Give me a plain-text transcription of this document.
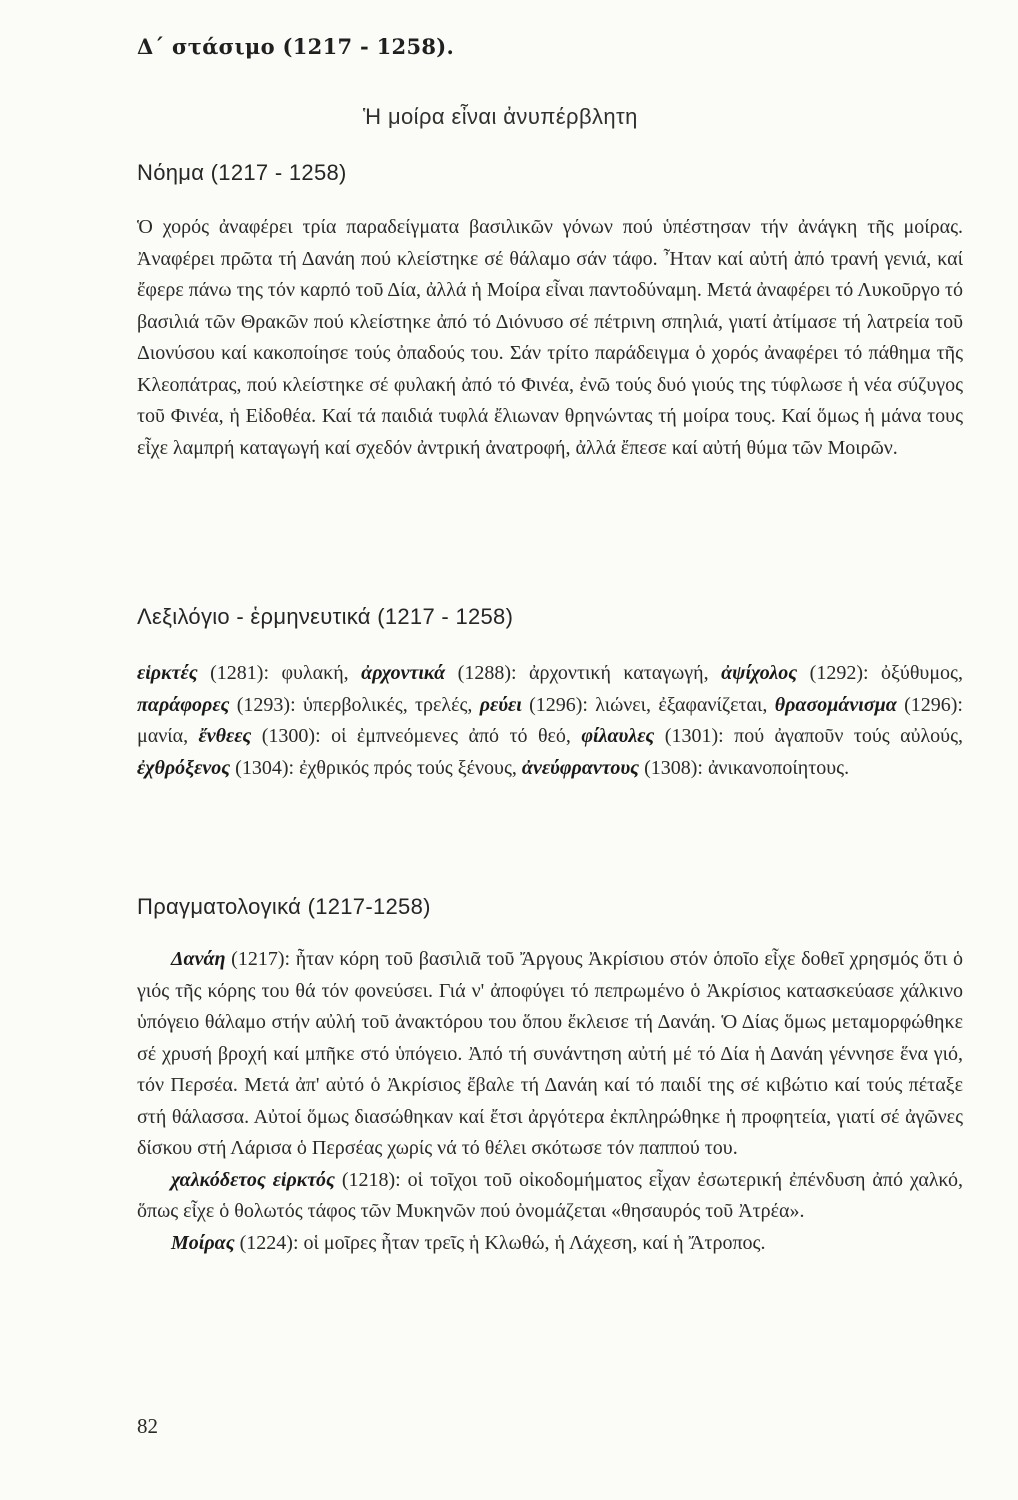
Δ΄ στάσιμο (1217 - 1258).
Ἡ μοίρα εἶναι ἀνυπέρβλητη
Νόημα (1217 - 1258)

Ὁ χορός ἀναφέρει τρία παραδείγματα βασιλικῶν γόνων πού ὑπέστησαν τήν ἀνάγκη τῆς μοίρας. Ἀναφέρει πρῶτα τή Δανάη πού κλείστηκε σέ θάλαμο σάν τάφο. Ἦταν καί αὐτή ἀπό τρανή γενιά, καί ἔφερε πάνω της τόν καρπό τοῦ Δία, ἀλλά ἡ Μοίρα εἶναι παντοδύναμη. Μετά ἀναφέρει τό Λυκοῦργο τό βασιλιά τῶν Θρακῶν πού κλείστηκε ἀπό τό Διόνυσο σέ πέτρινη σπηλιά, γιατί ἀτίμασε τή λατρεία τοῦ Διονύσου καί κακοποίησε τούς ὀπαδούς του. Σάν τρίτο παράδειγμα ὁ χορός ἀναφέρει τό πάθημα τῆς Κλεοπάτρας, πού κλείστηκε σέ φυλακή ἀπό τό Φινέα, ἐνῶ τούς δυό γιούς της τύφλωσε ἡ νέα σύζυγος τοῦ Φινέα, ἡ Εἰδοθέα. Καί τά παιδιά τυφλά ἔλιωναν θρηνώντας τή μοίρα τους. Καί ὅμως ἡ μάνα τους εἶχε λαμπρή καταγωγή καί σχεδόν ἀντρική ἀνατροφή, ἀλλά ἔπεσε καί αὐτή θύμα τῶν Μοιρῶν.

Λεξιλόγιο - ἑρμηνευτικά (1217 - 1258)

εἱρκτές (1281): φυλακή, ἀρχοντικά (1288): ἀρχοντική καταγωγή, ἀψίχολος (1292): ὀξύθυμος, παράφορες (1293): ὑπερβολικές, τρελές, ρεύει (1296): λιώνει, ἐξαφανίζεται, θρασομάνισμα (1296): μανία, ἔνθεες (1300): οἱ ἐμπνεόμενες ἀπό τό θεό, φίλαυλες (1301): πού ἀγαποῦν τούς αὐλούς, ἐχθρόξενος (1304): ἐχθρικός πρός τούς ξένους, ἀνεύφραντους (1308): ἀνικανοποίητους.

Πραγματολογικά (1217-1258)

Δανάη (1217): ἦταν κόρη τοῦ βασιλιᾶ τοῦ Ἄργους Ἀκρίσιου στόν ὁποῖο εἶχε δοθεῖ χρησμός ὅτι ὁ γιός τῆς κόρης του θά τόν φονεύσει. Γιά ν' ἀποφύγει τό πεπρωμένο ὁ Ἀκρίσιος κατασκεύασε χάλκινο ὑπόγειο θάλαμο στήν αὐλή τοῦ ἀνακτόρου του ὅπου ἔκλεισε τή Δανάη. Ὁ Δίας ὅμως μεταμορφώθηκε σέ χρυσή βροχή καί μπῆκε στό ὑπόγειο. Ἀπό τή συνάντηση αὐτή μέ τό Δία ἡ Δανάη γέννησε ἕνα γιό, τόν Περσέα. Μετά ἀπ' αὐτό ὁ Ἀκρίσιος ἔβαλε τή Δανάη καί τό παιδί της σέ κιβώτιο καί τούς πέταξε στή θάλασσα. Αὐτοί ὅμως διασώθηκαν καί ἔτσι ἀργότερα ἐκπληρώθηκε ἡ προφητεία, γιατί σέ ἀγῶνες δίσκου στή Λάρισα ὁ Περσέας χωρίς νά τό θέλει σκότωσε τόν παππού του.

χαλκόδετος εἱρκτός (1218): οἱ τοῖχοι τοῦ οἰκοδομήματος εἶχαν ἐσωτερική ἐπένδυση ἀπό χαλκό, ὅπως εἶχε ὁ θολωτός τάφος τῶν Μυκηνῶν πού ὀνομάζεται «θησαυρός τοῦ Ἀτρέα».

Μοίρας (1224): οἱ μοῖρες ἦταν τρεῖς ἡ Κλωθώ, ἡ Λάχεση, καί ἡ Ἄτροπος.

82
